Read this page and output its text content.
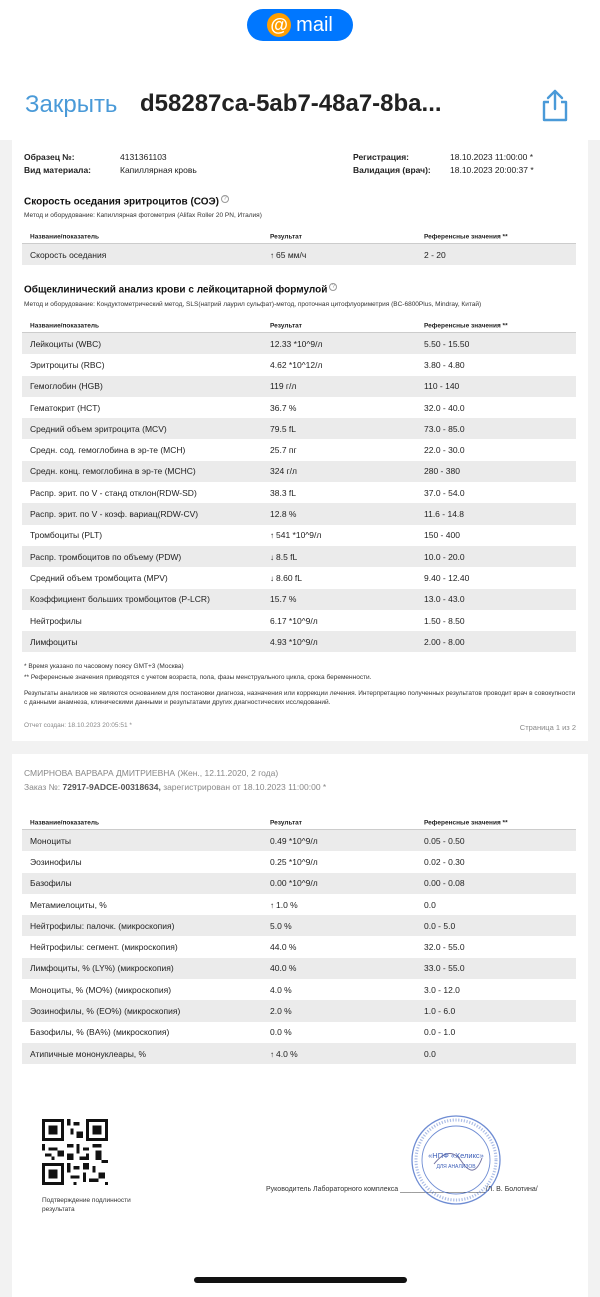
@ mail
Закрыть d58287ca-5ab7-48a7-8ba...
Образец №:	4131361103
Вид материала:	Капиллярная кровь
Регистрация:	18.10.2023 11:00:00 *
Валидация (врач): 18.10.2023 20:00:37 *
Скорость оседания эритроцитов (СОЭ) ?
Метод и оборудование: Капиллярная фотометрия (Alifax Roller 20 PN, Италия)
Название/показатель	Результат	Референсные значения **
Скорость оседания	↑ 65 мм/ч	2 - 20
Общеклинический анализ крови с лейкоцитарной формулой ?
Метод и оборудование: Кондуктометрический метод, SLS(натрий лаурил сульфат)-метод, проточная цитофлуориметрия (BC-6800Plus, Mindray, Китай)
Название/показатель	Результат	Референсные значения **
Лейкоциты (WBC)	12.33 *10^9/л	5.50 - 15.50
Эритроциты (RBC)	4.62 *10^12/л	3.80 - 4.80
Гемоглобин (HGB)	119 г/л	110 - 140
Гематокрит (HCT)	36.7 %	32.0 - 40.0
Средний объем эритроцита (MCV)	79.5 fL	73.0 - 85.0
Средн. сод. гемоглобина в эр-те (MCH)	25.7 пг	22.0 - 30.0
Средн. конц. гемоглобина в эр-те (MCHC)	324 г/л	280 - 380
Распр. эрит. по V - станд отклон(RDW-SD)	38.3 fL	37.0 - 54.0
Распр. эрит. по V - коэф. вариац(RDW-CV)	12.8 %	11.6 - 14.8
Тромбоциты (PLT)	↑ 541 *10^9/л	150 - 400
Распр. тромбоцитов по объему (PDW)	↓ 8.5 fL	10.0 - 20.0
Средний объем тромбоцита (MPV)	↓ 8.60 fL	9.40 - 12.40
Коэффициент больших тромбоцитов (P-LCR)	15.7 %	13.0 - 43.0
Нейтрофилы	6.17 *10^9/л	1.50 - 8.50
Лимфоциты	4.93 *10^9/л	2.00 - 8.00
* Время указано по часовому поясу GMT+3 (Москва)
** Референсные значения приводятся с учетом возраста, пола, фазы менструального цикла, срока беременности.
Результаты анализов не являются основанием для постановки диагноза, назначения или коррекции лечения. Интерпретацию полученных результатов проводит врач в совокупности с данными анамнеза, клиническими данными и результатами других диагностических исследований.
Отчет создан: 18.10.2023 20:05:51 *	Страница 1 из 2
СМИРНОВА ВАРВАРА ДМИТРИЕВНА (Жен., 12.11.2020, 2 года)
Заказ №: 72917-9ADCE-00318634, зарегистрирован от 18.10.2023 11:00:00 *
Название/показатель	Результат	Референсные значения **
Моноциты	0.49 *10^9/л	0.05 - 0.50
Эозинофилы	0.25 *10^9/л	0.02 - 0.30
Базофилы	0.00 *10^9/л	0.00 - 0.08
Метамиелоциты, %	↑ 1.0 %	0.0
Нейтрофилы: палочк. (микроскопия)	5.0 %	0.0 - 5.0
Нейтрофилы: сегмент. (микроскопия)	44.0 %	32.0 - 55.0
Лимфоциты, % (LY%) (микроскопия)	40.0 %	33.0 - 55.0
Моноциты, % (MO%) (микроскопия)	4.0 %	3.0 - 12.0
Эозинофилы, % (EO%) (микроскопия)	2.0 %	1.0 - 6.0
Базофилы, % (BA%) (микроскопия)	0.0 %	0.0 - 1.0
Атипичные мононуклеары, %	↑ 4.0 %	0.0
Подтверждение подлинности результата
Руководитель Лабораторного комплекса ______________________/Л. В. Болотина/
«НПФ «Хеликс»
ДЛЯ АНАЛИЗОВ
